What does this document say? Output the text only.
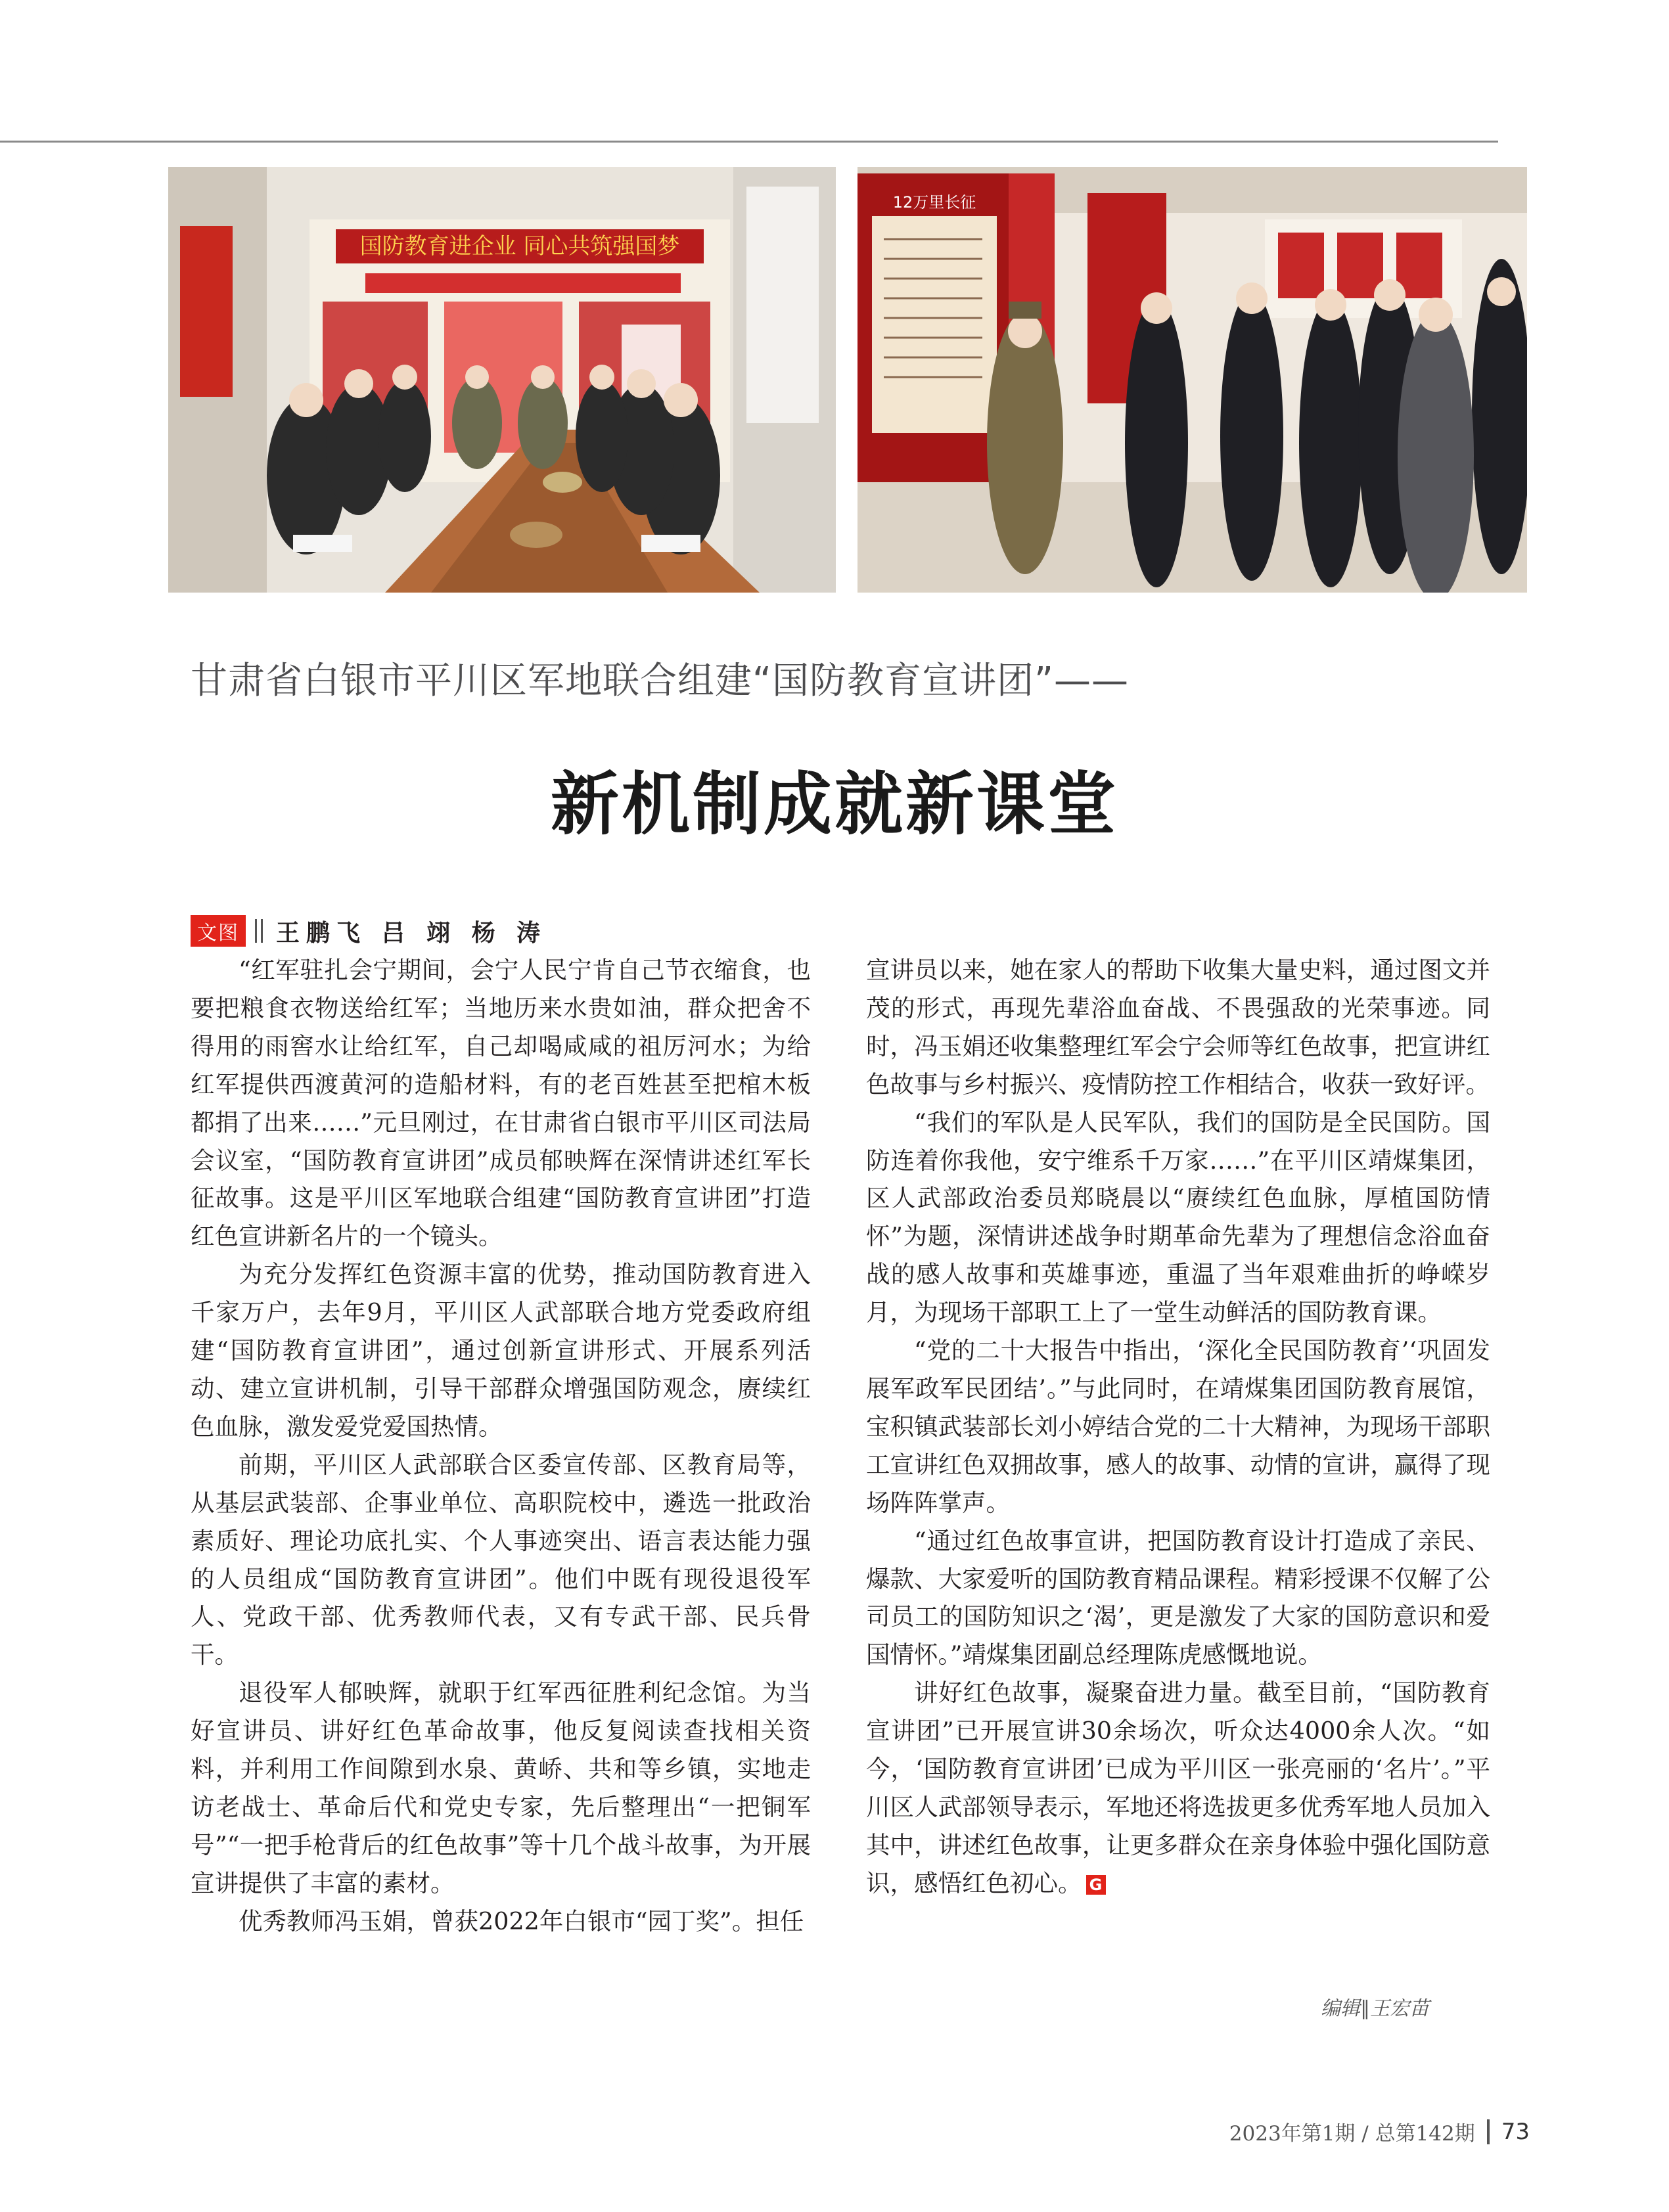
国防教育进企业 同心共筑强国梦
12万里长征
甘肃省白银市平川区军地联合组建“国防教育宣讲团”——
新机制成就新课堂
文图 王鹏飞 吕 翊 杨 涛

“红军驻扎会宁期间，会宁人民宁肯自己节衣缩食，也要把粮食衣物送给红军；当地历来水贵如油，群众把舍不得用的雨窖水让给红军，自己却喝咸咸的祖厉河水；为给红军提供西渡黄河的造船材料，有的老百姓甚至把棺木板都捐了出来……”元旦刚过，在甘肃省白银市平川区司法局会议室，“国防教育宣讲团”成员郁映辉在深情讲述红军长征故事。这是平川区军地联合组建“国防教育宣讲团”打造红色宣讲新名片的一个镜头。

为充分发挥红色资源丰富的优势，推动国防教育进入千家万户，去年9月，平川区人武部联合地方党委政府组建“国防教育宣讲团”，通过创新宣讲形式、开展系列活动、建立宣讲机制，引导干部群众增强国防观念，赓续红色血脉，激发爱党爱国热情。

前期，平川区人武部联合区委宣传部、区教育局等，从基层武装部、企事业单位、高职院校中，遴选一批政治素质好、理论功底扎实、个人事迹突出、语言表达能力强的人员组成“国防教育宣讲团”。他们中既有现役退役军人、党政干部、优秀教师代表，又有专武干部、民兵骨干。

退役军人郁映辉，就职于红军西征胜利纪念馆。为当好宣讲员、讲好红色革命故事，他反复阅读查找相关资料，并利用工作间隙到水泉、黄峤、共和等乡镇，实地走访老战士、革命后代和党史专家，先后整理出“一把铜军号”“一把手枪背后的红色故事”等十几个战斗故事，为开展宣讲提供了丰富的素材。

优秀教师冯玉娟，曾获2022年白银市“园丁奖”。担任

宣讲员以来，她在家人的帮助下收集大量史料，通过图文并茂的形式，再现先辈浴血奋战、不畏强敌的光荣事迹。同时，冯玉娟还收集整理红军会宁会师等红色故事，把宣讲红色故事与乡村振兴、疫情防控工作相结合，收获一致好评。

“我们的军队是人民军队，我们的国防是全民国防。国防连着你我他，安宁维系千万家……”在平川区靖煤集团，区人武部政治委员郑晓晨以“赓续红色血脉，厚植国防情怀”为题，深情讲述战争时期革命先辈为了理想信念浴血奋战的感人故事和英雄事迹，重温了当年艰难曲折的峥嵘岁月，为现场干部职工上了一堂生动鲜活的国防教育课。

“党的二十大报告中指出，‘深化全民国防教育’‘巩固发展军政军民团结’。”与此同时，在靖煤集团国防教育展馆，宝积镇武装部长刘小婷结合党的二十大精神，为现场干部职工宣讲红色双拥故事，感人的故事、动情的宣讲，赢得了现场阵阵掌声。

“通过红色故事宣讲，把国防教育设计打造成了亲民、爆款、大家爱听的国防教育精品课程。精彩授课不仅解了公司员工的国防知识之‘渴’，更是激发了大家的国防意识和爱国情怀。”靖煤集团副总经理陈虎感慨地说。

讲好红色故事，凝聚奋进力量。截至目前，“国防教育宣讲团”已开展宣讲30余场次，听众达4000余人次。“如今，‘国防教育宣讲团’已成为平川区一张亮丽的‘名片’。”平川区人武部领导表示，军地还将选拔更多优秀军地人员加入其中，讲述红色故事，让更多群众在亲身体验中强化国防意识，感悟红色初心。 G

编辑∥王宏苗
2023年第1期 / 总第142期 73
